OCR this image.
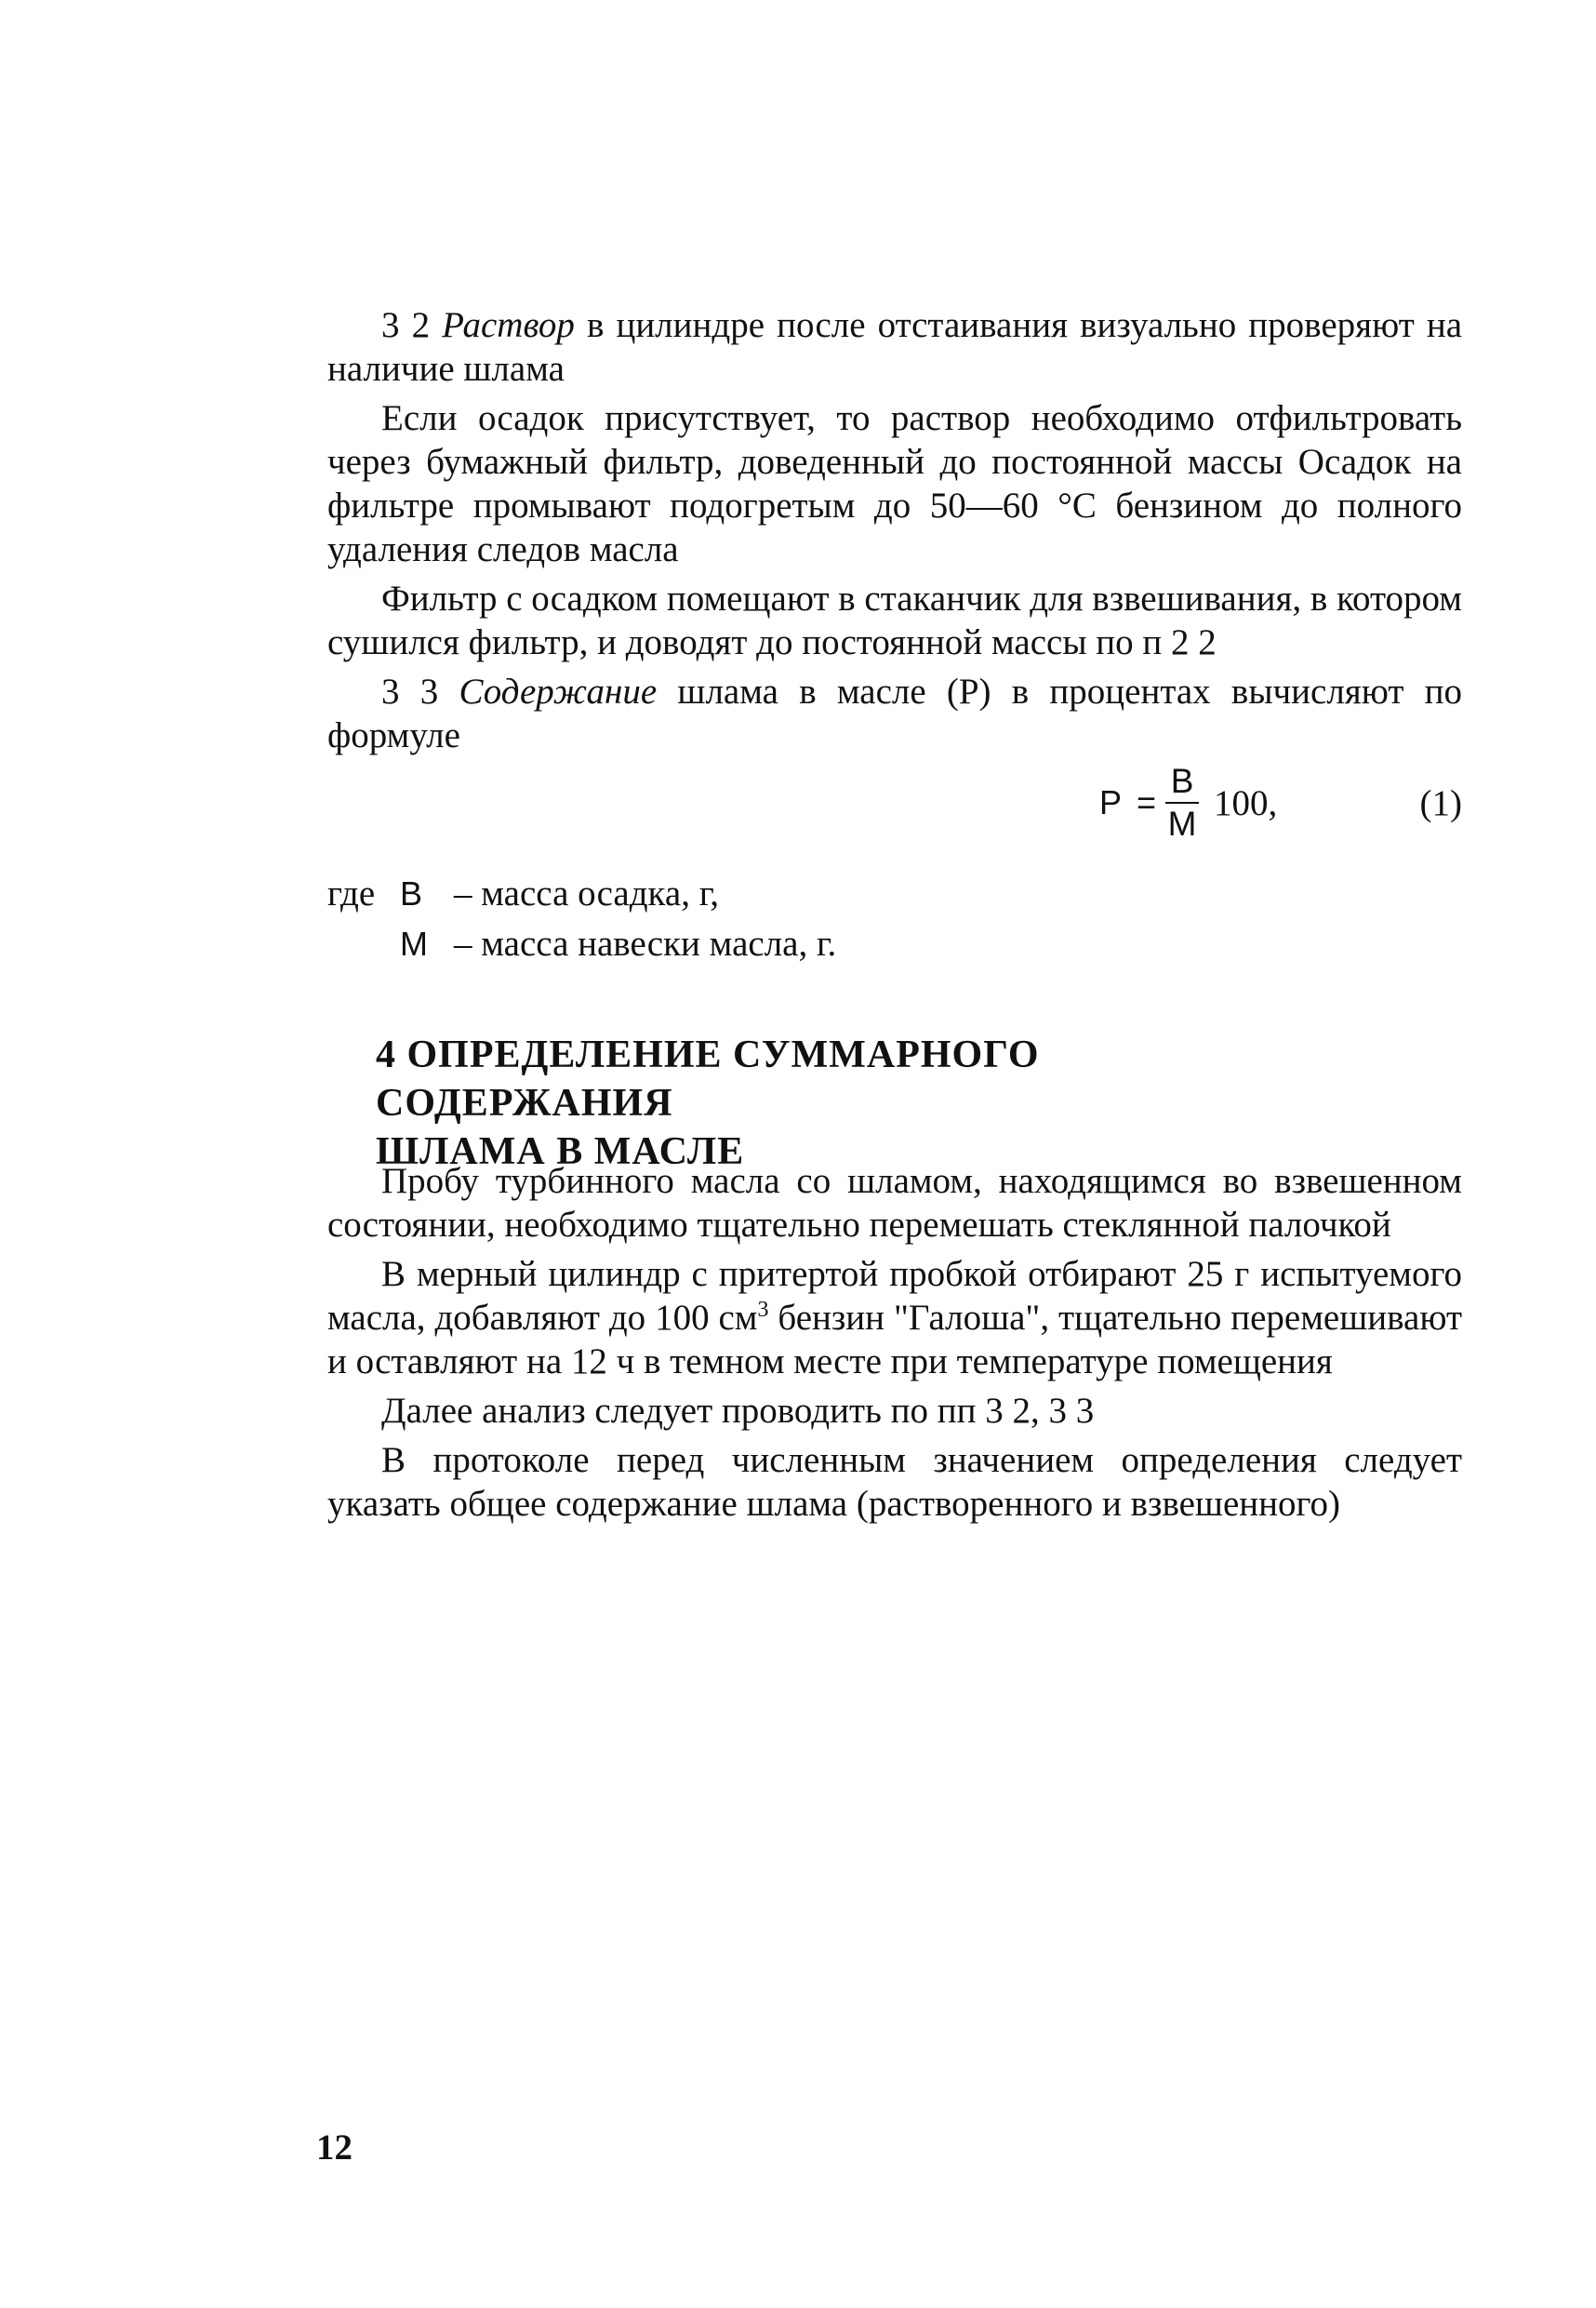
3 2 Раствор в цилиндре после отстаивания визуально проверяют на наличие шлама

Если осадок присутствует, то раствор необходимо отфильтровать через бумажный фильтр, доведенный до постоянной массы Осадок на фильтре промывают подогретым до 50—60 °С бензином до полного удаления следов масла

Фильтр с осадком помещают в стаканчик для взвешивания, в котором сушился фильтр, и доводят до постоянной массы по п 2 2

3 3 Содержание шлама в масле (Р) в процентах вычисляют по формуле

$P = \frac{B}{M} 100$,	(1)
где В – масса осадка, г,
М – масса навески масла, г.
4 ОПРЕДЕЛЕНИЕ СУММАРНОГО СОДЕРЖАНИЯ
ШЛАМА В МАСЛЕ

Пробу турбинного масла со шламом, находящимся во взвешенном состоянии, необходимо тщательно перемешать стеклянной палочкой

В мерный цилиндр с притертой пробкой отбирают 25 г испытуемого масла, добавляют до 100 $см^3$ бензин "Галоша", тщательно перемешивают и оставляют на 12 ч в темном месте при температуре помещения

Далее анализ следует проводить по пп 3 2, 3 3

В протоколе перед численным значением определения следует указать общее содержание шлама (растворенного и взвешенного)

12
